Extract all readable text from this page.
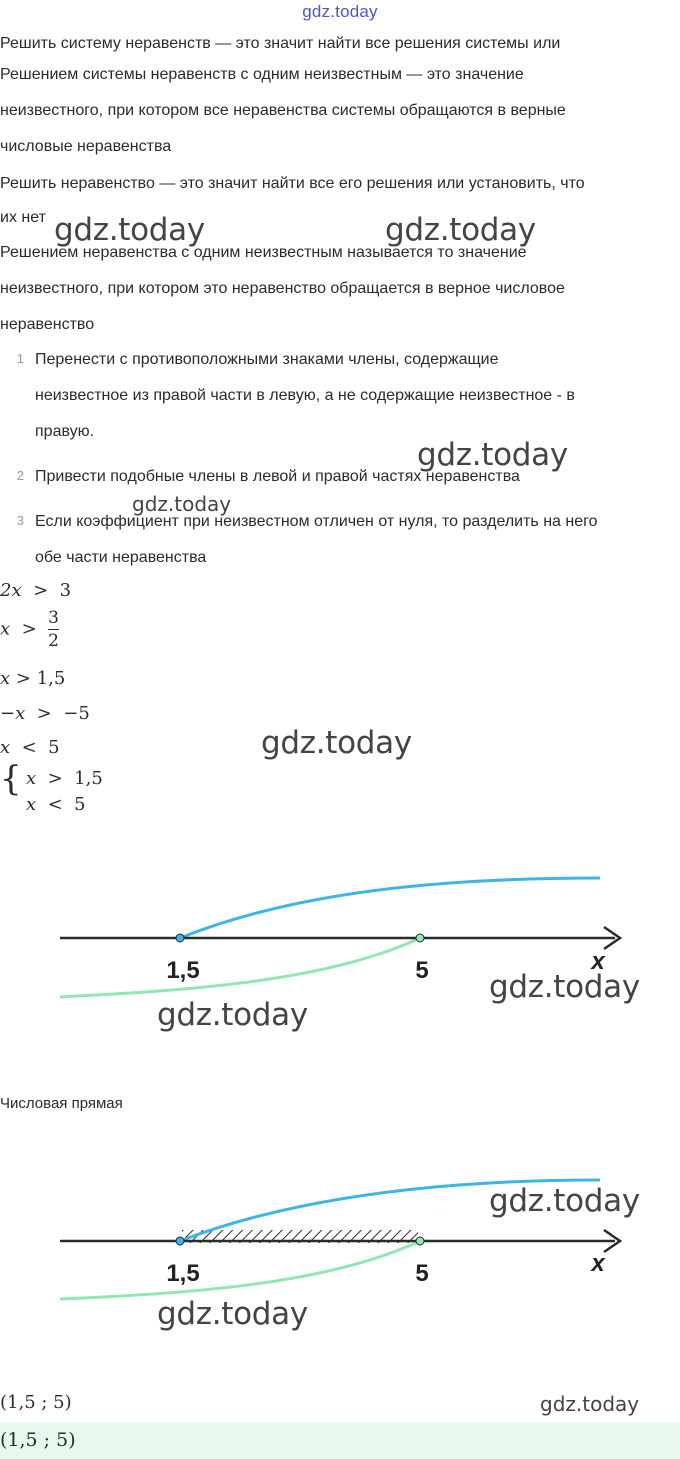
gdz.today
Решить систему неравенств — это значит найти все решения системы или
Решением системы неравенств с одним неизвестным — это значение
неизвестного, при котором все неравенства системы обращаются в верные
числовые неравенства
Решить неравенство — это значит найти все его решения или установить, что
их нет
Решением неравенства с одним неизвестным называется то значение
неизвестного, при котором это неравенство обращается в верное числовое
неравенство
1 Перенести с противоположными знаками члены, содержащие
неизвестное из правой части в левую, а не содержащие неизвестное - в
правую.
2 Привести подобные члены в левой и правой частях неравенства
3 Если коэффициент при неизвестном отличен от нуля, то разделить на него
обе части неравенства
2x > 3
$x > \frac{3}{2}$
x > 1,5
−x > −5
x < 5
{ x > 1,5
x < 5
1,5	5	x
Числовая прямая
1,5	5	x
(1,5 ; 5)
(1,5 ; 5)
gdz.today	gdz.today
gdz.today
gdz.today
gdz.today
gdz.today
gdz.today
gdz.today
gdz.today
gdz.today
